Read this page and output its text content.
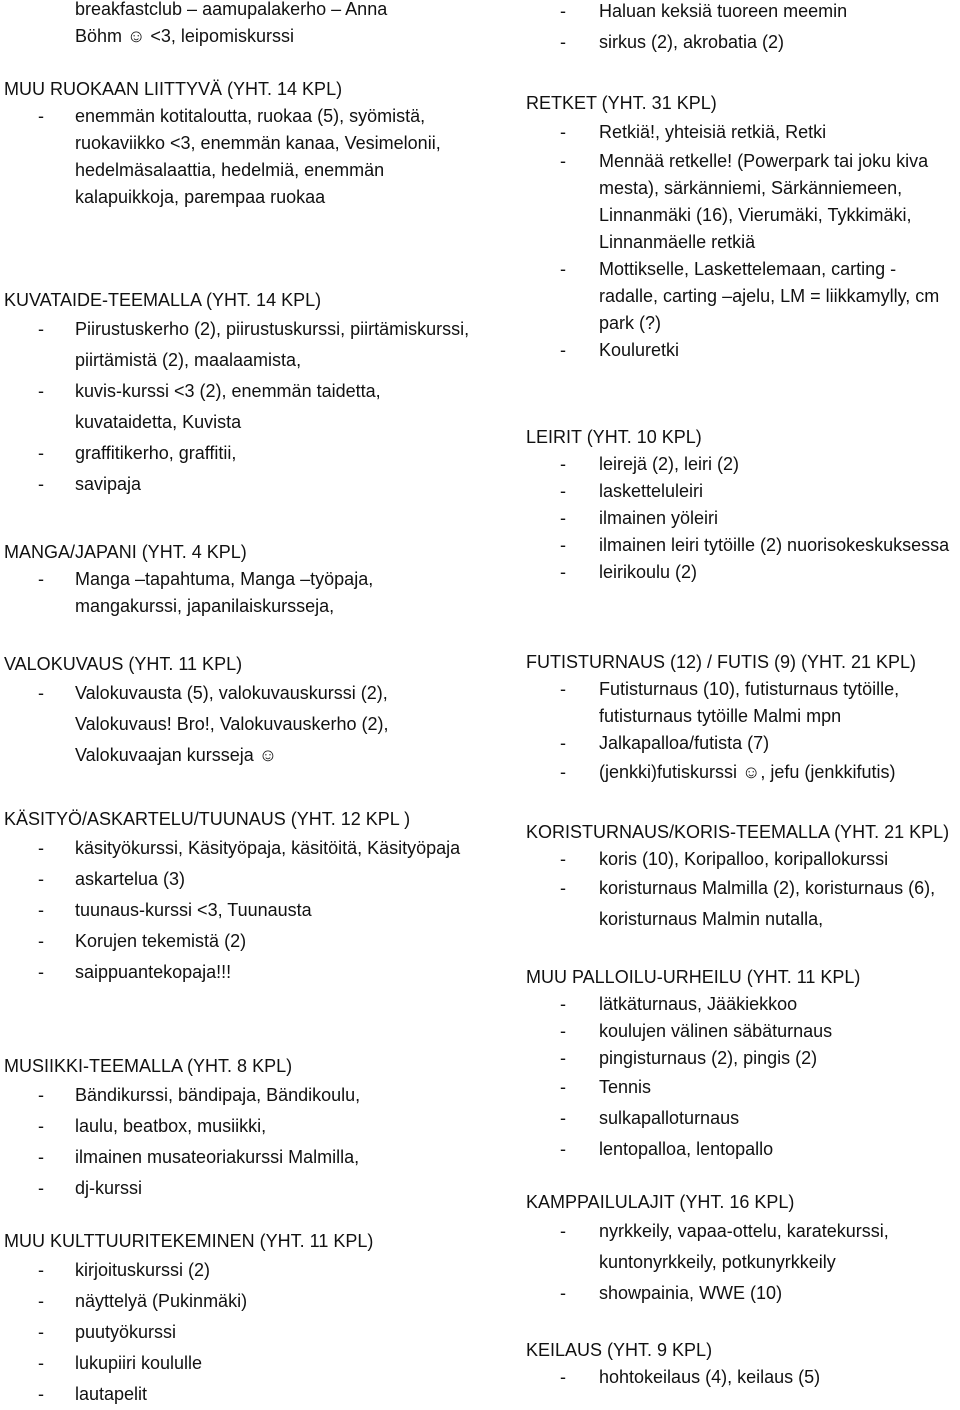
breakfastclub – aamupalakerho – Anna
Böhm ☺ <3, leipomiskurssi

MUU RUOKAAN LIITTYVÄ (YHT. 14 KPL)

- enemmän kotitaloutta, ruokaa (5), syömistä, ruokaviikko <3, enemmän kanaa, Vesimelonii, hedelmäsalaattia, hedelmiä, enemmän kalapuikkoja, parempaa ruokaa

KUVATAIDE-TEEMALLA (YHT. 14 KPL)

- Piirustuskerho (2), piirustuskurssi, piirtämiskurssi, piirtämistä (2), maalaamista,
- kuvis-kurssi <3 (2), enemmän taidetta, kuvataidetta, Kuvista
- graffitikerho, graffitii,
- savipaja

MANGA/JAPANI (YHT. 4 KPL)

- Manga –tapahtuma, Manga –työpaja, mangakurssi, japanilaiskursseja,

VALOKUVAUS (YHT. 11 KPL)

- Valokuvausta (5), valokuvauskurssi (2), Valokuvaus! Bro!, Valokuvauskerho (2), Valokuvaajan kursseja ☺

KÄSITYÖ/ASKARTELU/TUUNAUS (YHT. 12 KPL )

- käsityökurssi, Käsityöpaja, käsitöitä, Käsityöpaja
- askartelua (3)
- tuunaus-kurssi <3, Tuunausta
- Korujen tekemistä (2)
- saippuantekopaja!!!

MUSIIKKI-TEEMALLA (YHT. 8 KPL)

- Bändikurssi, bändipaja, Bändikoulu,
- laulu, beatbox, musiikki,
- ilmainen musateoriakurssi Malmilla,
- dj-kurssi

MUU KULTTUURITEKEMINEN (YHT. 11 KPL)

- kirjoituskurssi (2)
- näyttelyä (Pukinmäki)
- puutyökurssi
- lukupiiri koululle
- lautapelit
- Haluan keksiä tuoreen meemin
- sirkus (2), akrobatia (2)

RETKET (YHT. 31 KPL)

- Retkiä!, yhteisiä retkiä, Retki
- Mennää retkelle! (Powerpark tai joku kiva mesta), särkänniemi, Särkänniemeen, Linnanmäki (16), Vierumäki, Tykkimäki, Linnanmäelle retkiä
- Mottikselle, Laskettelemaan, carting - radalle, carting –ajelu, LM = liikkamylly, cm park (?)
- Kouluretki

LEIRIT (YHT. 10 KPL)

- leirejä (2), leiri (2)
- laskettelulеiri
- ilmainen yöleiri
- ilmainen leiri tytöille (2) nuorisokeskuksessa
- leirikoulu (2)

FUTISTURNAUS (12) / FUTIS (9) (YHT. 21 KPL)

- Futisturnaus (10), futisturnaus tytöille, futisturnaus tytöille Malmi mpn
- Jalkapalloa/futista (7)
- (jenkki)futiskurssi ☺, jefu (jenkkifutis)

KORISTURNAUS/KORIS-TEEMALLA (YHT. 21 KPL)

- koris (10), Koripalloo, koripallokurssi
- koristurnaus Malmilla (2), koristurnaus (6), koristurnaus Malmin nutalla,

MUU PALLOILU-URHEILU (YHT. 11 KPL)

- lätkäturnaus, Jääkiekkoo
- koulujen välinen säbäturnaus
- pingisturnaus (2), pingis (2)
- Tennis
- sulkapalloturnaus
- lentopalloa, lentopallo

KAMPPAILULAJIT (YHT. 16 KPL)

- nyrkkeily, vapaa-ottelu, karatekurssi, kuntonyrkkeily, potkunyrkkeily
- showpainia, WWE (10)

KEILAUS (YHT. 9 KPL)

- hohtokeilaus (4), keilaus (5)
